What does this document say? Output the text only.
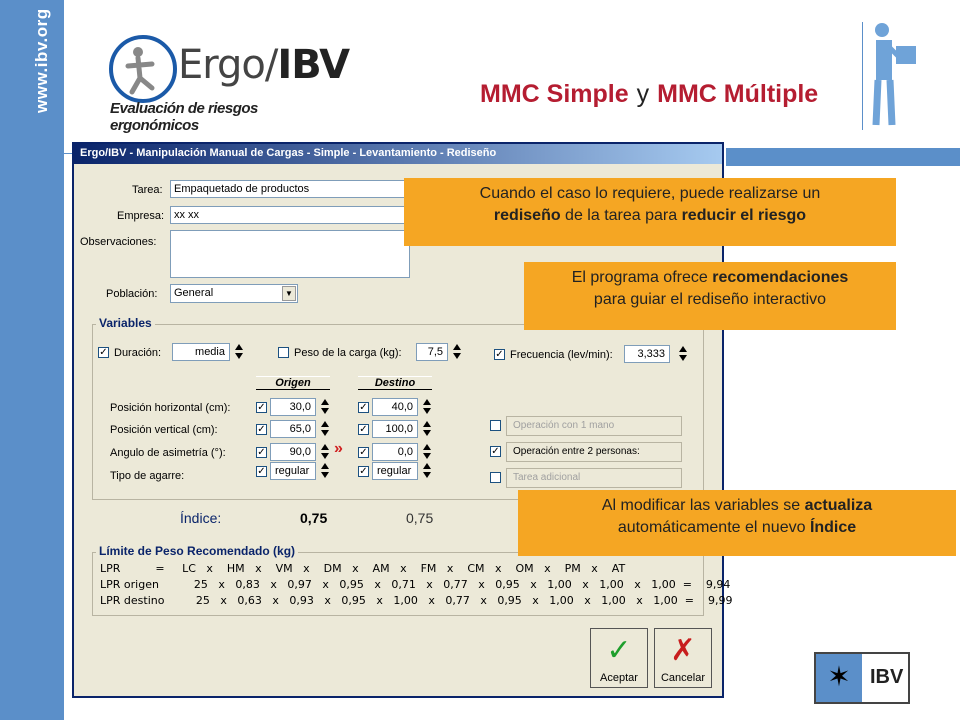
www.ibv.org	Ergo/IBV
Evaluación de riesgos ergonómicos
MMC Simple y MMC Múltiple
Ergo/IBV - Manipulación Manual de Cargas - Simple - Levantamiento - Rediseño
Tarea:	Empaquetado de productos
Empresa: xx xx
Observaciones:
Población:	General	▼
Variables
✓ Duración:	media	Peso de la carga (kg):	7,5	✓ Frecuencia (lev/min):	3,333
Origen	Destino
Posición horizontal (cm):	✓	30,0	✓	40,0
Posición vertical (cm):	✓	65,0	✓	100,0
Angulo de asimetría (°):	✓	90,0	» ✓	0,0
Tipo de agarre:	✓ regular	✓ regular
Operación con 1 mano
✓	Operación entre 2 personas:
Tarea adicional
Índice:	0,75	0,75
Límite de Peso Recomendado (kg)
LPR          =     LC   x    HM   x    VM   x    DM   x    AM   x    FM   x    CM   x    OM   x    PM   x    AT
LPR origen          25   x   0,83   x   0,97   x   0,95   x   0,71   x   0,77   x   0,95   x   1,00   x   1,00   x   1,00  =    9,94
LPR destino         25   x   0,63   x   0,93   x   0,95   x   1,00   x   0,77   x   0,95   x   1,00   x   1,00   x   1,00  =    9,99
✓
Aceptar
✗
Cancelar
Cuando el caso lo requiere, puede realizarse un
rediseño de la tarea para reducir el riesgo
El programa ofrece recomendaciones
para guiar el rediseño interactivo
Al modificar las variables se actualiza
automáticamente el nuevo Índice
✶ IBV
